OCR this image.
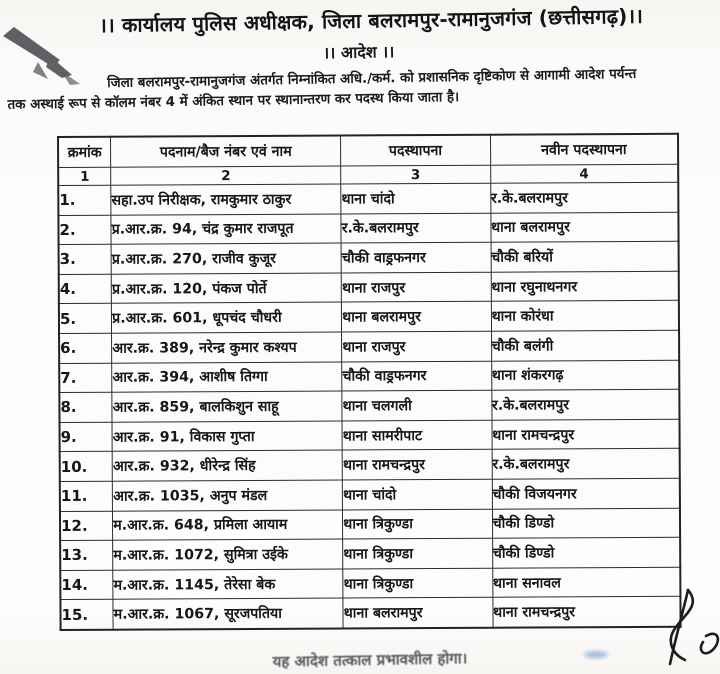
।। कार्यालय पुलिस अधीक्षक, जिला बलरामपुर-रामानुजगंज (छत्तीसगढ़)।।
।। आदेश ।।
जिला बलरामपुर-रामानुजगंज अंतर्गत निम्नांकित अधि./कर्म. को प्रशासनिक दृष्टिकोण से आगामी आदेश पर्यन्त
तक अस्थाई रूप से कॉलम नंबर 4 में अंकित स्थान पर स्थानान्तरण कर पदस्थ किया जाता है।
क्रमांक	पदनाम/बैज नंबर एवं नाम	पदस्थापना	नवीन पदस्थापना
1	2	3	4
1.	सहा.उप निरीक्षक, रामकुमार ठाकुर	थाना चांदो	र.के.बलरामपुर
2.	प्र.आर.क्र. 94, चंद्र कुमार राजपूत	र.के.बलरामपुर	थाना बलरामपुर
3.	प्र.आर.क्र. 270, राजीव कुजूर	चौकी वाड्रफनगर	चौकी बरियों
4.	प्र.आर.क्र. 120, पंकज पोर्ते	थाना राजपुर	थाना रघुनाथनगर
5.	प्र.आर.क्र. 601, धूपचंद चौधरी	थाना बलरामपुर	थाना कोरंधा
6.	आर.क्र. 389, नरेन्द्र कुमार कश्यप	थाना राजपुर	चौकी बलंगी
7.	आर.क्र. 394, आशीष तिग्गा	चौकी वाड्रफनगर	थाना शंकरगढ़
8.	आर.क्र. 859, बालकिशुन साहू	थाना चलगली	र.के.बलरामपुर
9.	आर.क्र. 91, विकास गुप्ता	थाना सामरीपाट	थाना रामचन्द्रपुर
10.	आर.क्र. 932, धीरेन्द्र सिंह	थाना रामचन्द्रपुर	र.के.बलरामपुर
11.	आर.क्र. 1035, अनुप मंडल	थाना चांदो	चौकी विजयनगर
12.	म.आर.क्र. 648, प्रमिला आयाम	थाना त्रिकुण्डा	चौकी डिण्डो
13.	म.आर.क्र. 1072, सुमित्रा उईके	थाना त्रिकुण्डा	चौकी डिण्डो
14.	म.आर.क्र. 1145, तेरेसा बेक	थाना त्रिकुण्डा	थाना सनावल
15.	म.आर.क्र. 1067, सूरजपतिया	थाना बलरामपुर	थाना रामचन्द्रपुर
यह आदेश तत्काल प्रभावशील होगा।
